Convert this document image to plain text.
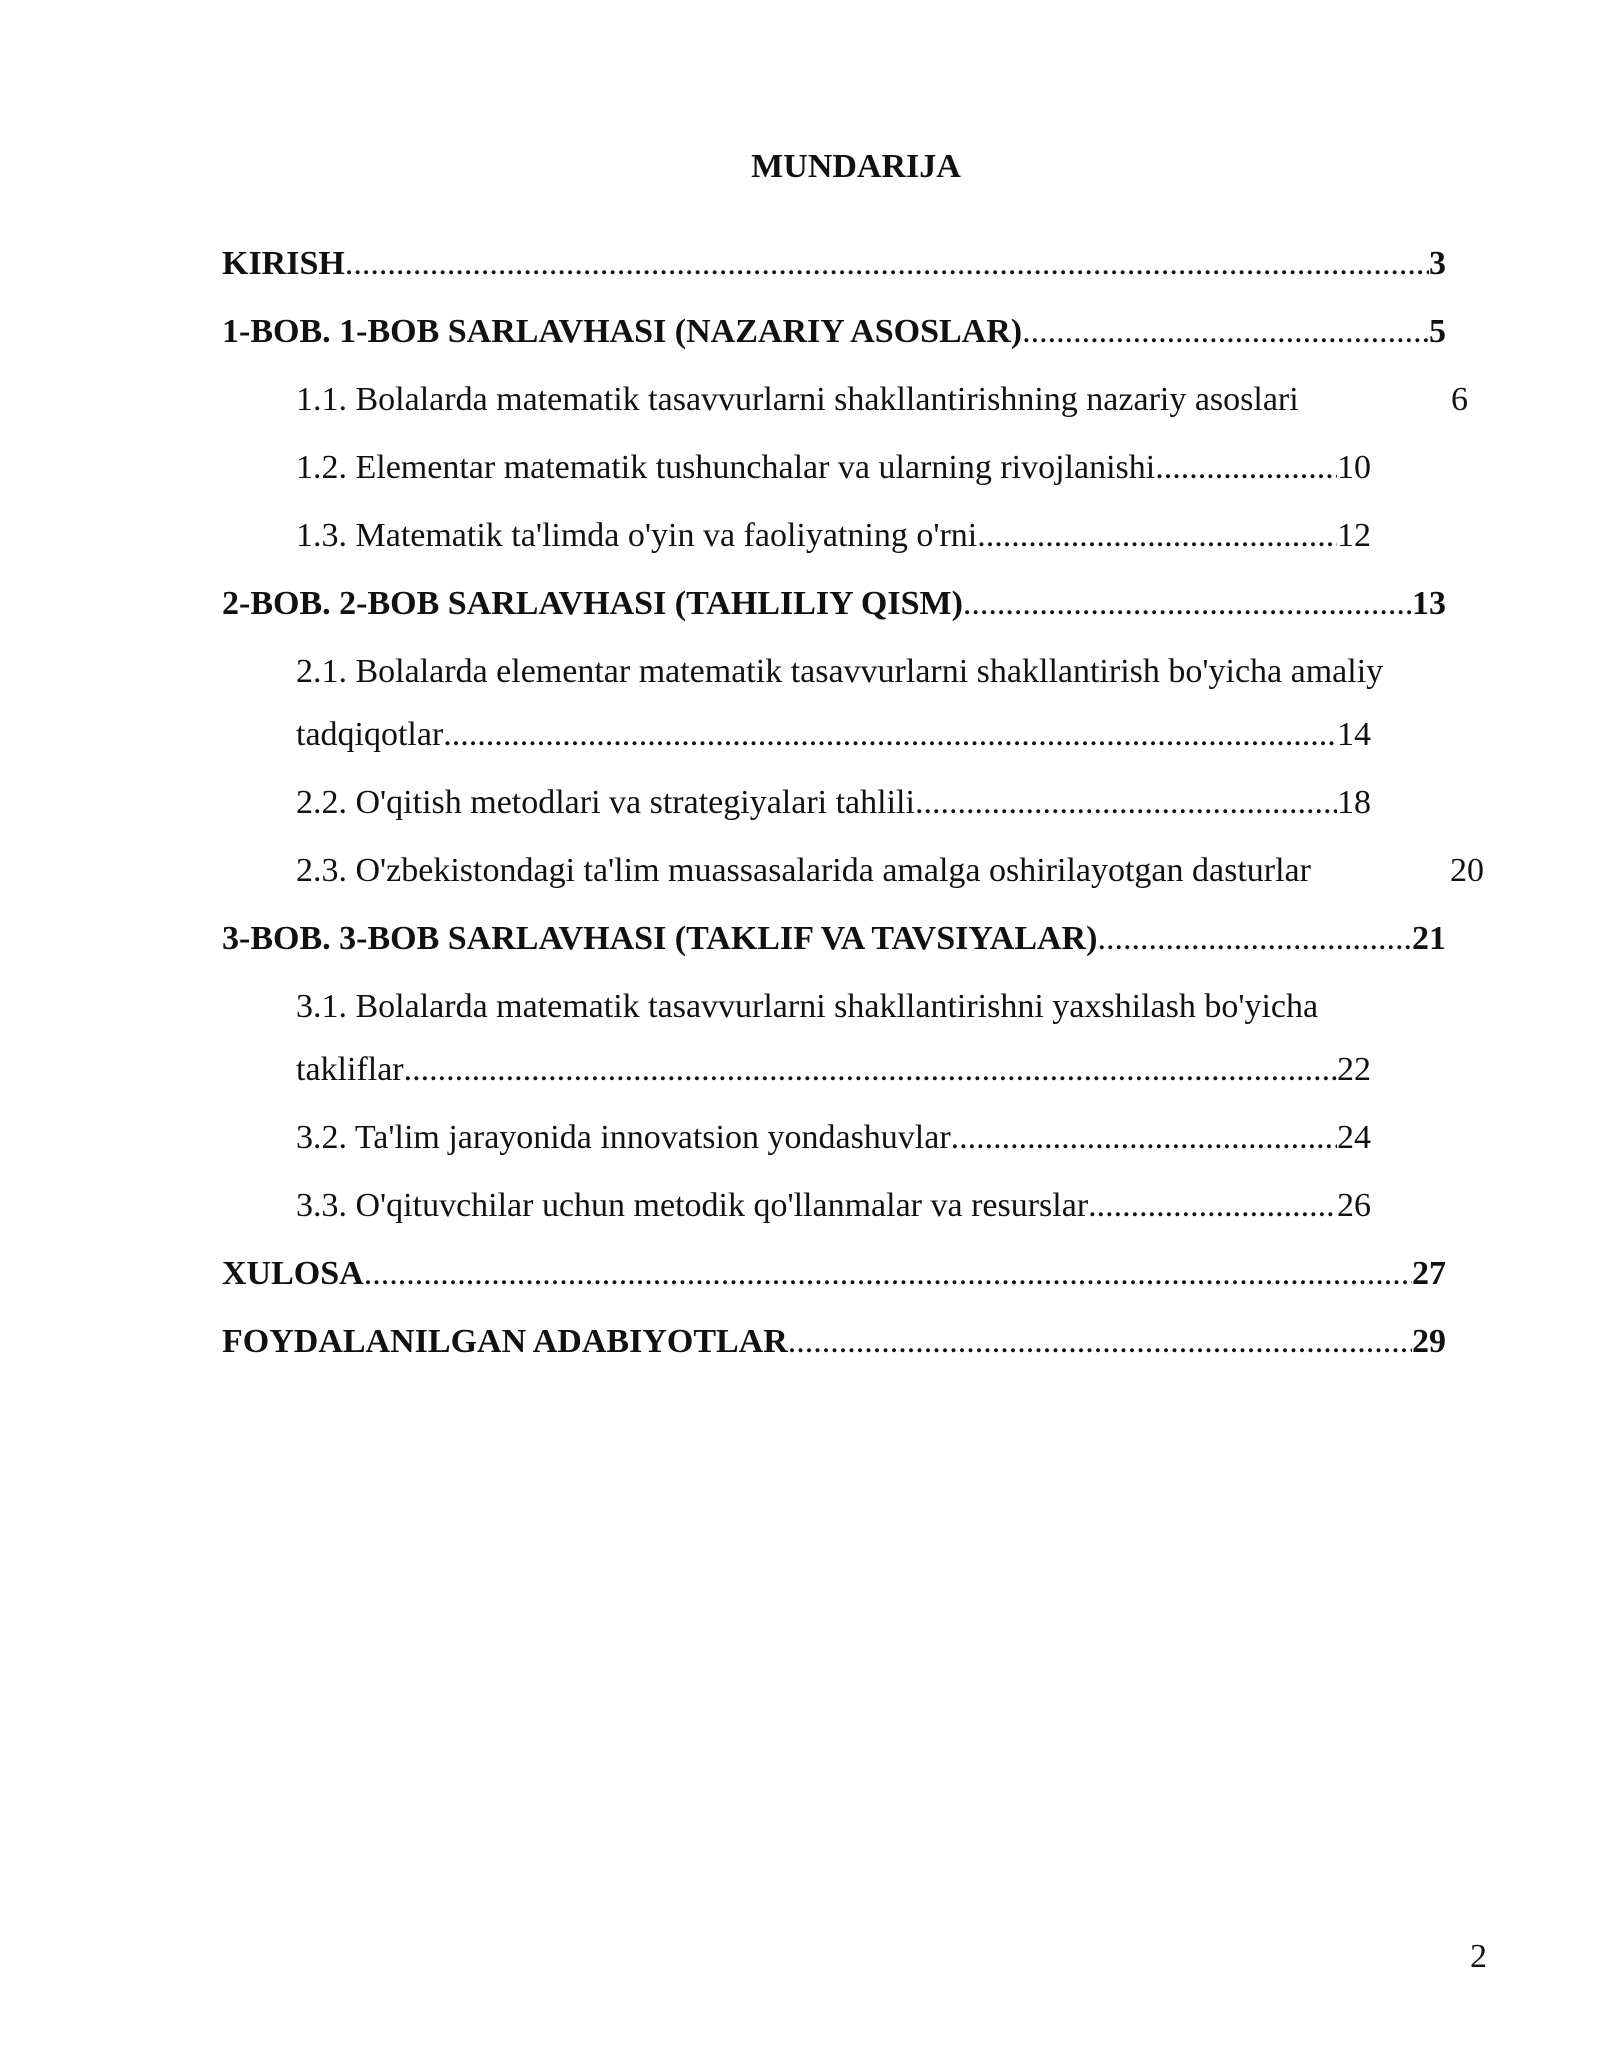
MUNDARIJA
KIRISH .....	3
1-BOB. 1-BOB SARLAVHASI (NAZARIY ASOSLAR) .....	5
1.1. Bolalarda matematik tasavvurlarni shakllantirishning nazariy asoslari	6
1.2. Elementar matematik tushunchalar va ularning rivojlanishi .....	10
1.3. Matematik ta'limda o'yin va faoliyatning o'rni .....	12
2-BOB. 2-BOB SARLAVHASI (TAHLILIY QISM) .....	13
2.1. Bolalarda elementar matematik tasavvurlarni shakllantirish bo'yicha amaliy
tadqiqotlar .....	14
2.2. O'qitish metodlari va strategiyalari tahlili .....	18
2.3. O'zbekistondagi ta'lim muassasalarida amalga oshirilayotgan dasturlar	20
3-BOB. 3-BOB SARLAVHASI (TAKLIF VA TAVSIYALAR) .....	21
3.1. Bolalarda matematik tasavvurlarni shakllantirishni yaxshilash bo'yicha
takliflar .....	22
3.2. Ta'lim jarayonida innovatsion yondashuvlar .....	24
3.3. O'qituvchilar uchun metodik qo'llanmalar va resurslar .....	26
XULOSA .....	27
FOYDALANILGAN ADABIYOTLAR .....	29
2
